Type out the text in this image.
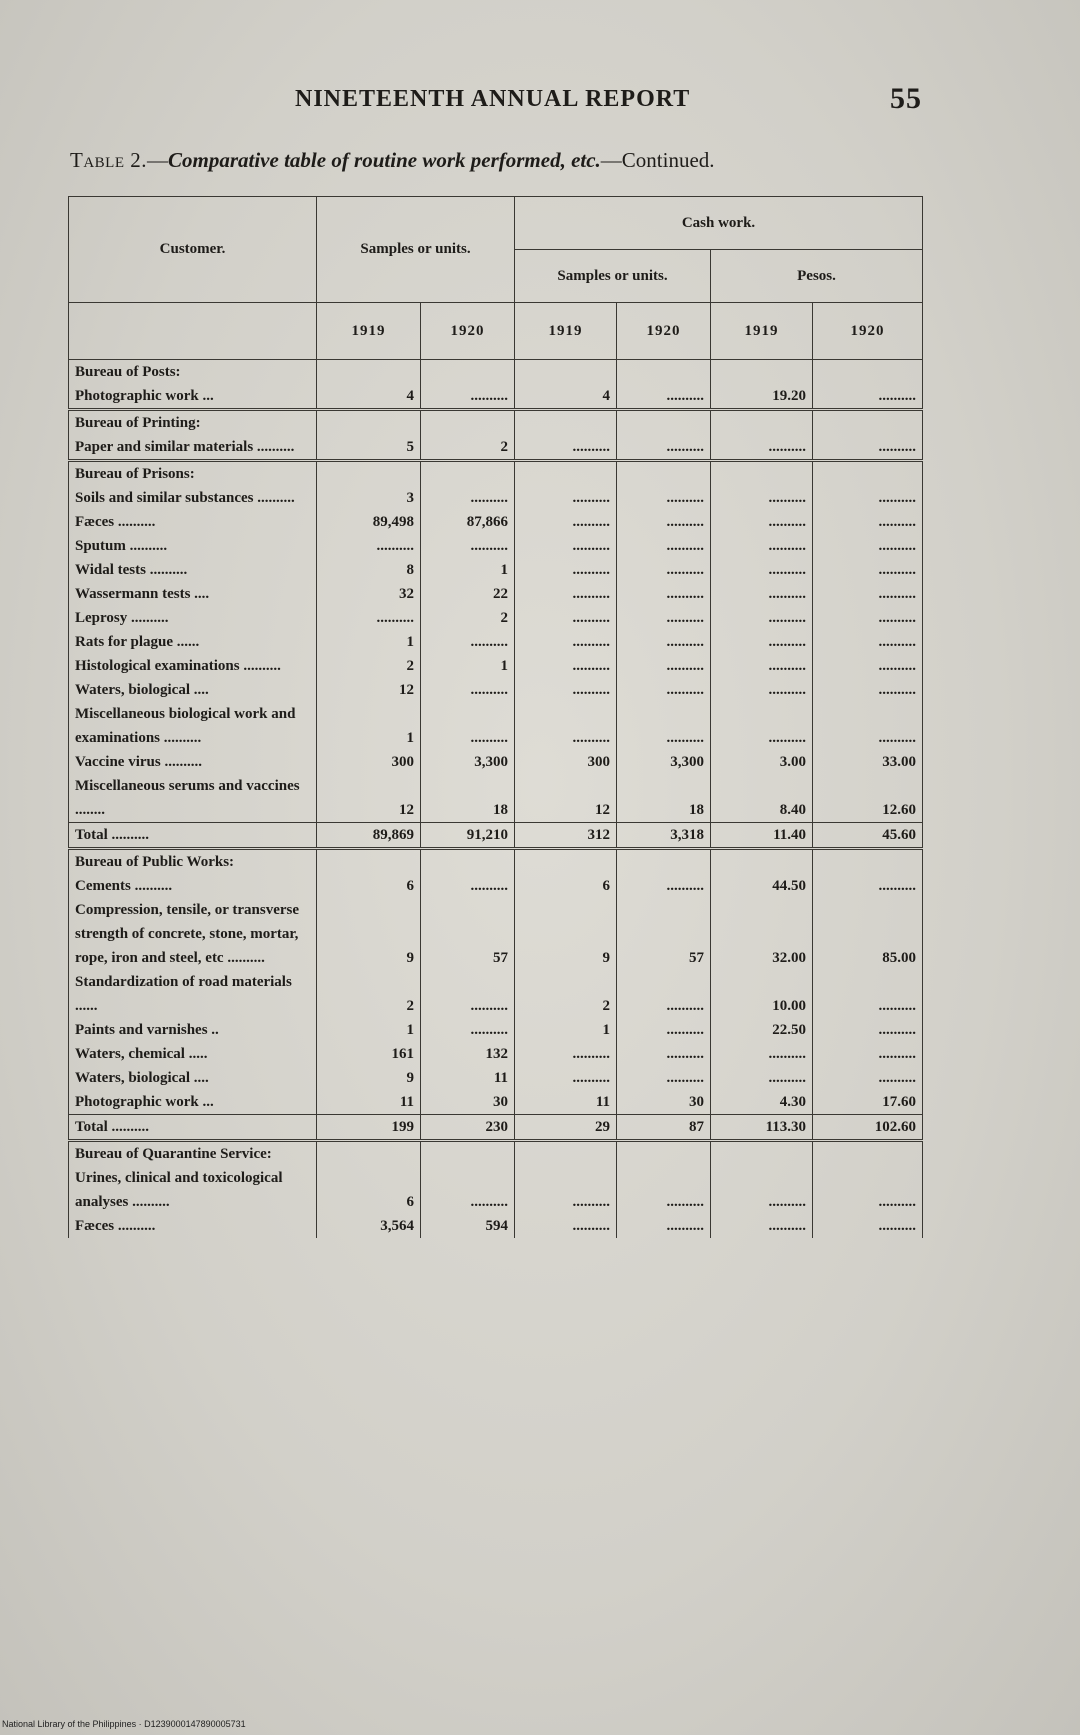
NINETEENTH ANNUAL REPORT	55
Table 2.—Comparative table of routine work performed, etc.—Continued.
Customer.	Samples or units.		Cash work.			
			Samples or units.		Pesos.	
	1919	1920	1919	1920	1919	1920
Bureau of Posts:						
Photographic work ...	4	..........	4	..........	19.20	..........
Bureau of Printing:						
Paper and similar materials ..........	5	2	..........	..........	..........	..........
Bureau of Prisons:						
Soils and similar substances ..........	3	..........	..........	..........	..........	..........
Fæces ..........	89,498	87,866	..........	..........	..........	..........
Sputum ..........	..........	..........	..........	..........	..........	..........
Widal tests ..........	8	1	..........	..........	..........	..........
Wassermann tests ....	32	22	..........	..........	..........	..........
Leprosy ..........	..........	2	..........	..........	..........	..........
Rats for plague ......	1	..........	..........	..........	..........	..........
Histological examinations ..........	2	1	..........	..........	..........	..........
Waters, biological ....	12	..........	..........	..........	..........	..........
Miscellaneous biological work and examinations ..........	1	..........	..........	..........	..........	..........
Vaccine virus ..........	300	3,300	300	3,300	3.00	33.00
Miscellaneous serums and vaccines ........	12	18	12	18	8.40	12.60
Total ..........	89,869	91,210	312	3,318	11.40	45.60
Bureau of Public Works:						
Cements ..........	6	..........	6	..........	44.50	..........
Compression, tensile, or transverse strength of concrete, stone, mortar, rope, iron and steel, etc ..........	9	57	9	57	32.00	85.00
Standardization of road materials ......	2	..........	2	..........	10.00	..........
Paints and varnishes ..	1	..........	1	..........	22.50	..........
Waters, chemical .....	161	132	..........	..........	..........	..........
Waters, biological ....	9	11	..........	..........	..........	..........
Photographic work ...	11	30	11	30	4.30	17.60
Total ..........	199	230	29	87	113.30	102.60
Bureau of Quarantine Service:						
Urines, clinical and toxicological analyses ..........	6	..........	..........	..........	..........	..........
Fæces ..........	3,564	594	..........	..........	..........	..........
National Library of the Philippines · D1239000147890005731
